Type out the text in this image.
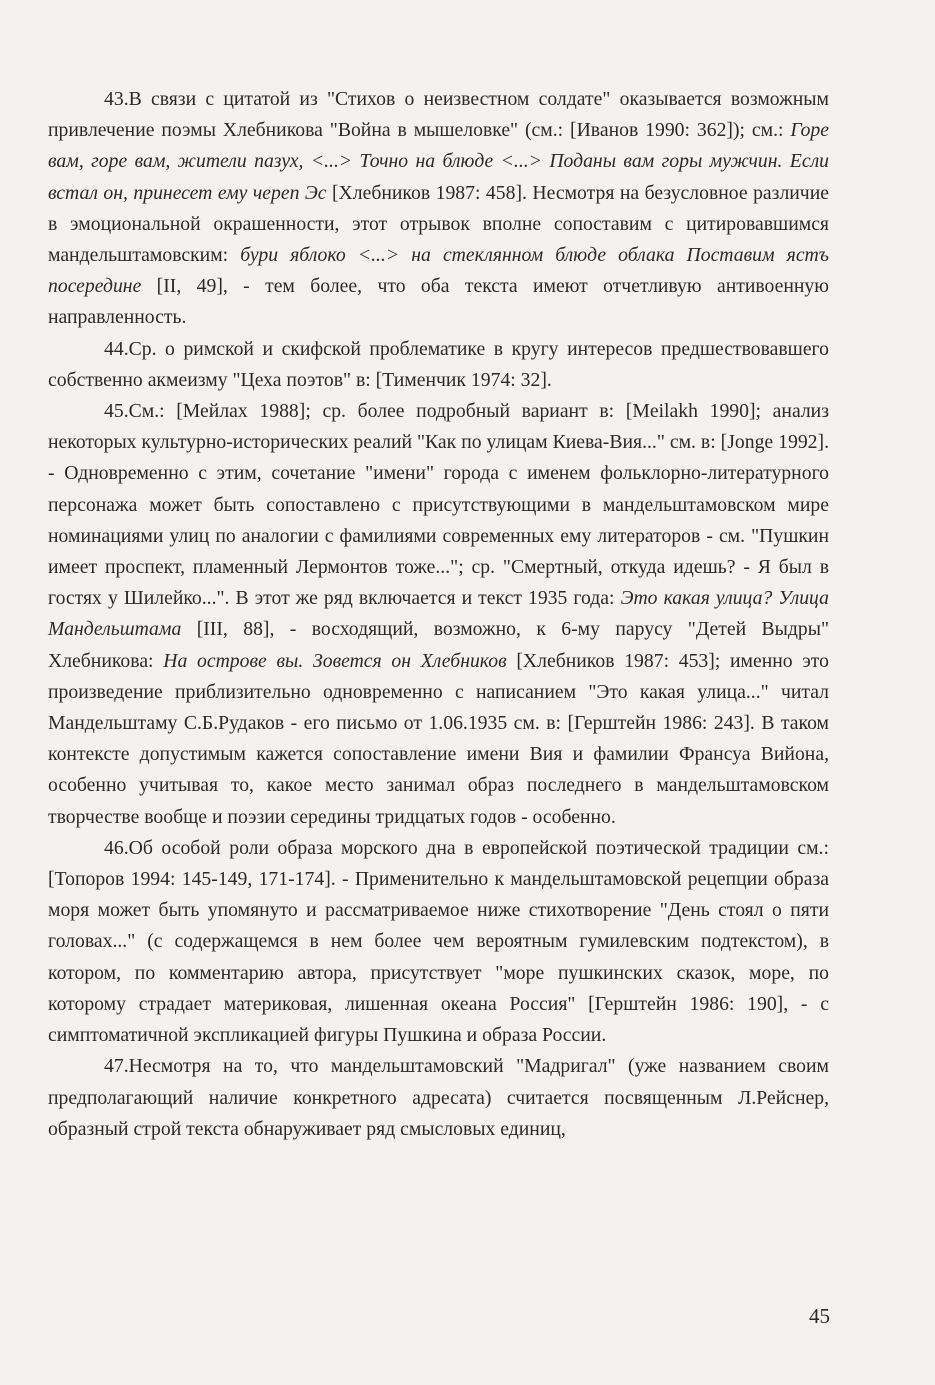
43.В связи с цитатой из "Стихов о неизвестном солдате" оказывается возможным привлечение поэмы Хлебникова "Война в мышеловке" (см.: [Иванов 1990: 362]); см.: Горе вам, горе вам, жители пазух, <...> Точно на блюде <...> Поданы вам горы мужчин. Если встал он, принесет ему череп Эс [Хлебников 1987: 458]. Несмотря на безусловное различие в эмоциональной окрашенности, этот отрывок вполне сопоставим с цитировавшимся мандельштамовским: бури яблоко <...> на стеклянном блюде облака Поставим ястъ посередине [II, 49], - тем более, что оба текста имеют отчетливую антивоенную направленность.

44.Ср. о римской и скифской проблематике в кругу интересов предшествовавшего собственно акмеизму "Цеха поэтов" в: [Тименчик 1974: 32].

45.См.: [Мейлах 1988]; ср. более подробный вариант в: [Meilakh 1990]; анализ некоторых культурно-исторических реалий "Как по улицам Киева-Вия..." см. в: [Jonge 1992]. - Одновременно с этим, сочетание "имени" города с именем фольклорно-литературного персонажа может быть сопоставлено с присутствующими в мандельштамовском мире номинациями улиц по аналогии с фамилиями современных ему литераторов - см. "Пушкин имеет проспект, пламенный Лермонтов тоже..."; ср. "Смертный, откуда идешь? - Я был в гостях у Шилейко...". В этот же ряд включается и текст 1935 года: Это какая улица? Улица Мандельштама [III, 88], - восходящий, возможно, к 6-му парусу "Детей Выдры" Хлебникова: На острове вы. Зовется он Хлебников [Хлебников 1987: 453]; именно это произведение приблизительно одновременно с написанием "Это какая улица..." читал Мандельштаму С.Б.Рудаков - его письмо от 1.06.1935 см. в: [Герштейн 1986: 243]. В таком контексте допустимым кажется сопоставление имени Вия и фамилии Франсуа Вийона, особенно учитывая то, какое место занимал образ последнего в мандельштамовском творчестве вообще и поэзии середины тридцатых годов - особенно.

46.Об особой роли образа морского дна в европейской поэтической традиции см.: [Топоров 1994: 145-149, 171-174]. - Применительно к мандельштамовской рецепции образа моря может быть упомянуто и рассматриваемое ниже стихотворение "День стоял о пяти головах..." (с содержащемся в нем более чем вероятным гумилевским подтекстом), в котором, по комментарию автора, присутствует "море пушкинских сказок, море, по которому страдает материковая, лишенная океана Россия" [Герштейн 1986: 190], - с симптоматичной экспликацией фигуры Пушкина и образа России.

47.Несмотря на то, что мандельштамовский "Мадригал" (уже названием своим предполагающий наличие конкретного адресата) считается посвященным Л.Рейснер, образный строй текста обнаруживает ряд смысловых единиц,

45
